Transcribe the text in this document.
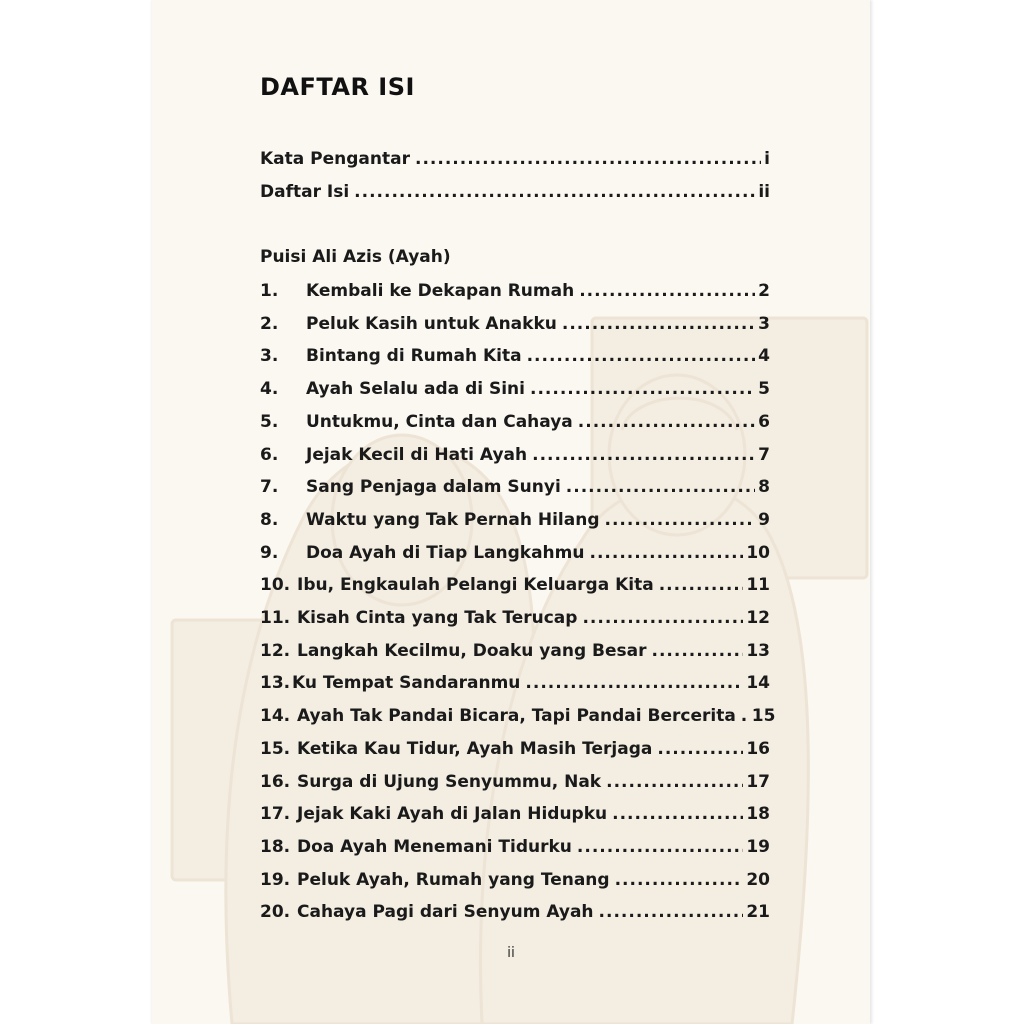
DAFTAR ISI
Kata Pengantar .....	i
Daftar Isi .....	ii
Puisi Ali Azis (Ayah)
1.	Kembali ke Dekapan Rumah .....	2
2.	Peluk Kasih untuk Anakku .....	3
3.	Bintang di Rumah Kita .....	4
4.	Ayah Selalu ada di Sini .....	5
5.	Untukmu, Cinta dan Cahaya .....	6
6.	Jejak Kecil di Hati Ayah .....	7
7.	Sang Penjaga dalam Sunyi .....	8
8.	Waktu yang Tak Pernah Hilang .....	9
9.	Doa Ayah di Tiap Langkahmu .....	10
10. Ibu, Engkaulah Pelangi Keluarga Kita .....	11
11. Kisah Cinta yang Tak Terucap .....	12
12. Langkah Kecilmu, Doaku yang Besar .....	13
13. Ku Tempat Sandaranmu .....	14
14. Ayah Tak Pandai Bicara, Tapi Pandai Bercerita ..... 15
15. Ketika Kau Tidur, Ayah Masih Terjaga .....	16
16. Surga di Ujung Senyummu, Nak .....	17
17. Jejak Kaki Ayah di Jalan Hidupku .....	18
18. Doa Ayah Menemani Tidurku .....	19
19. Peluk Ayah, Rumah yang Tenang .....	20
20. Cahaya Pagi dari Senyum Ayah .....	21
ii
